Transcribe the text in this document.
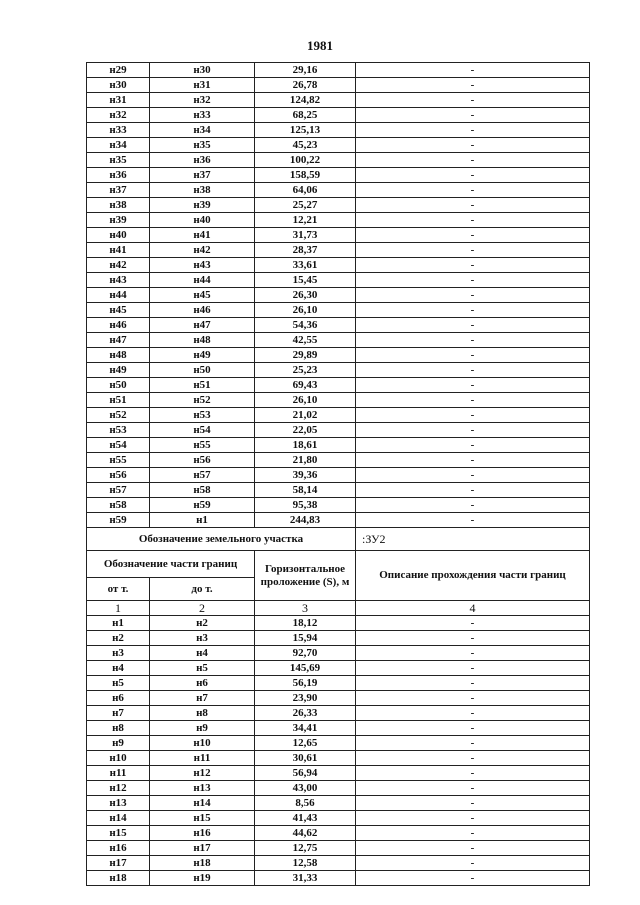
1981
н29	н30	29,16	-
н30	н31	26,78	-
н31	н32	124,82	-
н32	н33	68,25	-
н33	н34	125,13	-
н34	н35	45,23	-
н35	н36	100,22	-
н36	н37	158,59	-
н37	н38	64,06	-
н38	н39	25,27	-
н39	н40	12,21	-
н40	н41	31,73	-
н41	н42	28,37	-
н42	н43	33,61	-
н43	н44	15,45	-
н44	н45	26,30	-
н45	н46	26,10	-
н46	н47	54,36	-
н47	н48	42,55	-
н48	н49	29,89	-
н49	н50	25,23	-
н50	н51	69,43	-
н51	н52	26,10	-
н52	н53	21,02	-
н53	н54	22,05	-
н54	н55	18,61	-
н55	н56	21,80	-
н56	н57	39,36	-
н57	н58	58,14	-
н58	н59	95,38	-
н59	н1	244,83	-
Обозначение земельного участка			:ЗУ2
Обозначение части границ		Горизонтальное проложение (S), м	Описание прохождения части границ
от т.	до т.		
1	2	3	4
н1	н2	18,12	-
н2	н3	15,94	-
н3	н4	92,70	-
н4	н5	145,69	-
н5	н6	56,19	-
н6	н7	23,90	-
н7	н8	26,33	-
н8	н9	34,41	-
н9	н10	12,65	-
н10	н11	30,61	-
н11	н12	56,94	-
н12	н13	43,00	-
н13	н14	8,56	-
н14	н15	41,43	-
н15	н16	44,62	-
н16	н17	12,75	-
н17	н18	12,58	-
н18	н19	31,33	-
